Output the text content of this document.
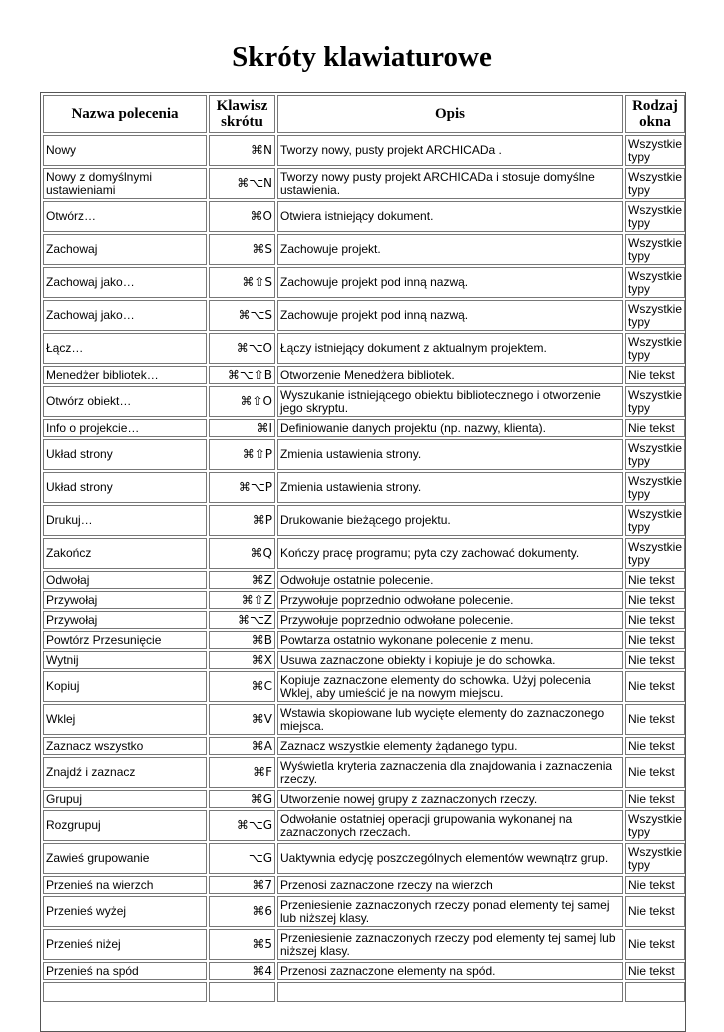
Skróty klawiaturowe
Nazwa polecenia	Klawisz skrótu	Opis	Rodzaj okna
Nowy	⌘N	Tworzy nowy, pusty projekt ARCHICADa .	Wszystkie typy
Nowy z domyślnymi ustawieniami	⌘⌥N	Tworzy nowy pusty projekt ARCHICADa i stosuje domyślne ustawienia.	Wszystkie typy
Otwórz…	⌘O	Otwiera istniejący dokument.	Wszystkie typy
Zachowaj	⌘S	Zachowuje projekt.	Wszystkie typy
Zachowaj jako…	⌘⇧S	Zachowuje projekt pod inną nazwą.	Wszystkie typy
Zachowaj jako…	⌘⌥S	Zachowuje projekt pod inną nazwą.	Wszystkie typy
Łącz…	⌘⌥O	Łączy istniejący dokument z aktualnym projektem.	Wszystkie typy
Menedżer bibliotek…	⌘⌥⇧B	Otworzenie Menedżera bibliotek.	Nie tekst
Otwórz obiekt…	⌘⇧O	Wyszukanie istniejącego obiektu bibliotecznego i otworzenie jego skryptu.	Wszystkie typy
Info o projekcie…	⌘I	Definiowanie danych projektu (np. nazwy, klienta).	Nie tekst
Układ strony	⌘⇧P	Zmienia ustawienia strony.	Wszystkie typy
Układ strony	⌘⌥P	Zmienia ustawienia strony.	Wszystkie typy
Drukuj…	⌘P	Drukowanie bieżącego projektu.	Wszystkie typy
Zakończ	⌘Q	Kończy pracę programu; pyta czy zachować dokumenty.	Wszystkie typy
Odwołaj	⌘Z	Odwołuje ostatnie polecenie.	Nie tekst
Przywołaj	⌘⇧Z	Przywołuje poprzednio odwołane polecenie.	Nie tekst
Przywołaj	⌘⌥Z	Przywołuje poprzednio odwołane polecenie.	Nie tekst
Powtórz Przesunięcie	⌘B	Powtarza ostatnio wykonane polecenie z menu.	Nie tekst
Wytnij	⌘X	Usuwa zaznaczone obiekty i kopiuje je do schowka.	Nie tekst
Kopiuj	⌘C	Kopiuje zaznaczone elementy do schowka. Użyj polecenia Wklej, aby umieścić je na nowym miejscu.	Nie tekst
Wklej	⌘V	Wstawia skopiowane lub wycięte elementy do zaznaczonego miejsca.	Nie tekst
Zaznacz wszystko	⌘A	Zaznacz wszystkie elementy żądanego typu.	Nie tekst
Znajdź i zaznacz	⌘F	Wyświetla kryteria zaznaczenia dla znajdowania i zaznaczenia rzeczy.	Nie tekst
Grupuj	⌘G	Utworzenie nowej grupy z zaznaczonych rzeczy.	Nie tekst
Rozgrupuj	⌘⌥G	Odwołanie ostatniej operacji grupowania wykonanej na zaznaczonych rzeczach.	Wszystkie typy
Zawieś grupowanie	⌥G	Uaktywnia edycję poszczególnych elementów wewnątrz grup.	Wszystkie typy
Przenieś na wierzch	⌘7	Przenosi zaznaczone rzeczy na wierzch	Nie tekst
Przenieś wyżej	⌘6	Przeniesienie zaznaczonych rzeczy ponad elementy tej samej lub niższej klasy.	Nie tekst
Przenieś niżej	⌘5	Przeniesienie zaznaczonych rzeczy pod elementy tej samej lub niższej klasy.	Nie tekst
Przenieś na spód	⌘4	Przenosi zaznaczone elementy na spód.	Nie tekst
